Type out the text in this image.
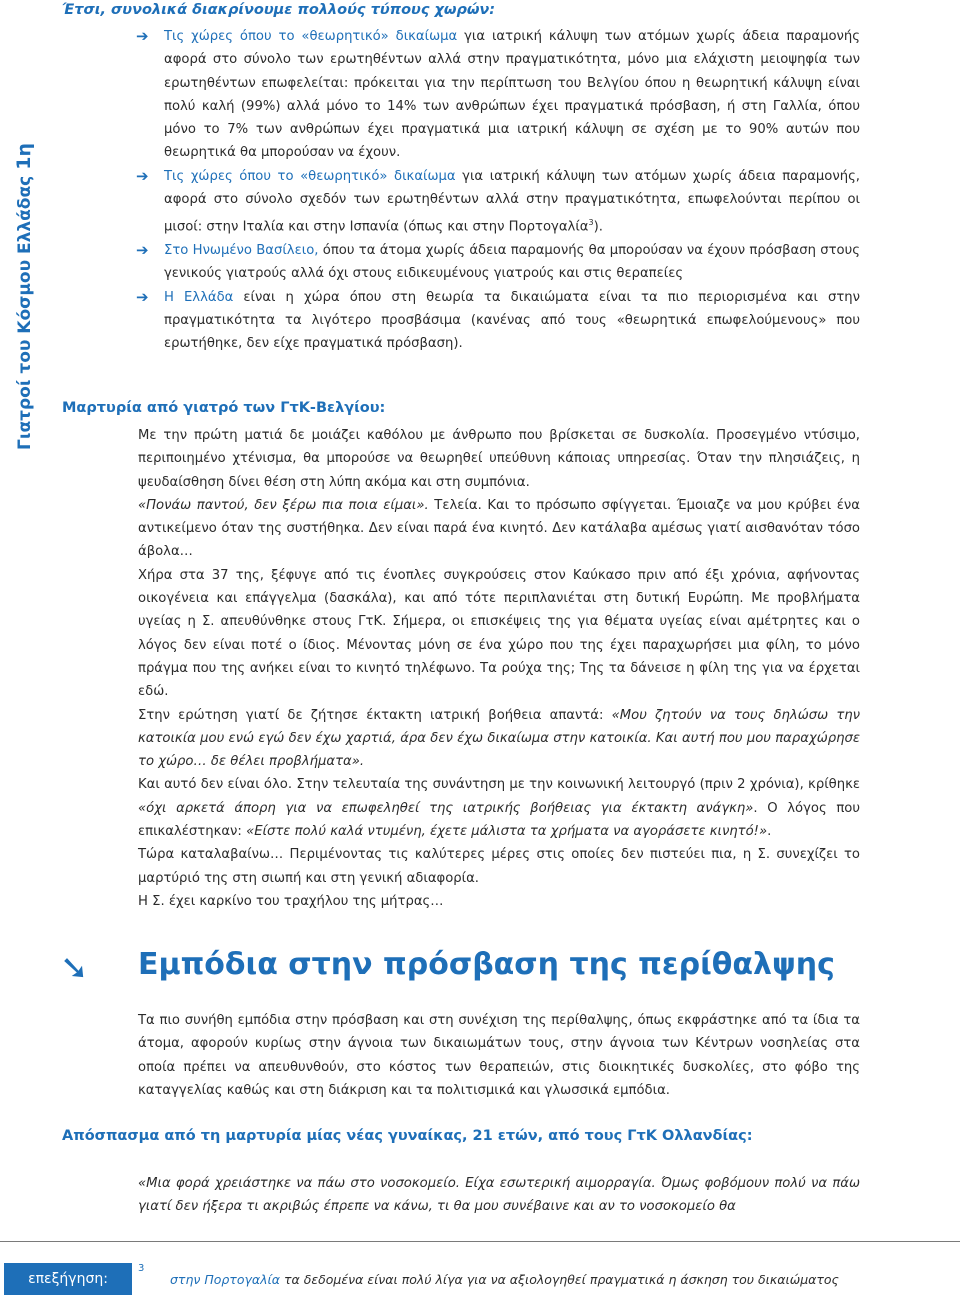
Γιατροί του Κόσμου Ελλάδας1η
Έτσι, συνολικά διακρίνουμε πολλούς τύπους χωρών:
➔ Τις χώρες όπου το «θεωρητικό» δικαίωμα για ιατρική κάλυψη των ατόμων χωρίς άδεια παραμονής αφορά στο σύνολο των ερωτηθέντων αλλά στην πραγματικότητα, μόνο μια ελάχιστη μειοψηφία των ερωτηθέντων επωφελείται: πρόκειται για την περίπτωση του Βελγίου όπου η θεωρητική κάλυψη είναι πολύ καλή (99%) αλλά μόνο το 14% των ανθρώπων έχει πραγματικά πρόσβαση, ή στη Γαλλία, όπου μόνο το 7% των ανθρώπων έχει πραγματικά μια ιατρική κάλυψη σε σχέση με το 90% αυτών που θεωρητικά θα μπορούσαν να έχουν.
➔ Τις χώρες όπου το «θεωρητικό» δικαίωμα για ιατρική κάλυψη των ατόμων χωρίς άδεια παραμονής, αφορά στο σύνολο σχεδόν των ερωτηθέντων αλλά στην πραγματικότητα, επωφελούνται περίπου οι μισοί: στην Ιταλία και στην Ισπανία (όπως και στην Πορτογαλία$^3$).
➔ Στο Ηνωμένο Βασίλειο, όπου τα άτομα χωρίς άδεια παραμονής θα μπορούσαν να έχουν πρόσβαση στους γενικούς γιατρούς αλλά όχι στους ειδικευμένους γιατρούς και στις θεραπείες
➔ Η Ελλάδα είναι η χώρα όπου στη θεωρία τα δικαιώματα είναι τα πιο περιορισμένα και στην πραγματικότητα τα λιγότερο προσβάσιμα (κανένας από τους «θεωρητικά επωφελούμενους» που ερωτήθηκε, δεν είχε πραγματικά πρόσβαση).
Μαρτυρία από γιατρό των ΓτΚ-Βελγίου:

Με την πρώτη ματιά δε μοιάζει καθόλου με άνθρωπο που βρίσκεται σε δυσκολία. Προσεγμένο ντύσιμο, περιποιημένο χτένισμα, θα μπορούσε να θεωρηθεί υπεύθυνη κάποιας υπηρεσίας. Όταν την πλησιάζεις, η ψευδαίσθηση δίνει θέση στη λύπη ακόμα και στη συμπόνια.

«Πονάω παντού, δεν ξέρω πια ποια είμαι». Τελεία. Και το πρόσωπο σφίγγεται. Έμοιαζε να μου κρύβει ένα αντικείμενο όταν της συστήθηκα. Δεν είναι παρά ένα κινητό. Δεν κατάλαβα αμέσως γιατί αισθανόταν τόσο άβολα…

Χήρα στα 37 της, ξέφυγε από τις ένοπλες συγκρούσεις στον Καύκασο πριν από έξι χρόνια, αφήνοντας οικογένεια και επάγγελμα (δασκάλα), και από τότε περιπλανιέται στη δυτική Ευρώπη. Με προβλήματα υγείας η Σ. απευθύνθηκε στους ΓτΚ. Σήμερα, οι επισκέψεις της για θέματα υγείας είναι αμέτρητες και ο λόγος δεν είναι ποτέ ο ίδιος. Μένοντας μόνη σε ένα χώρο που της έχει παραχωρήσει μια φίλη, το μόνο πράγμα που της ανήκει είναι το κινητό τηλέφωνο. Τα ρούχα της; Της τα δάνεισε η φίλη της για να έρχεται εδώ.

Στην ερώτηση γιατί δε ζήτησε έκτακτη ιατρική βοήθεια απαντά: «Μου ζητούν να τους δηλώσω την κατοικία μου ενώ εγώ δεν έχω χαρτιά, άρα δεν έχω δικαίωμα στην κατοικία. Και αυτή που μου παραχώρησε το χώρο… δε θέλει προβλήματα».

Και αυτό δεν είναι όλο. Στην τελευταία της συνάντηση με την κοινωνική λειτουργό (πριν 2 χρόνια), κρίθηκε «όχι αρκετά άπορη για να επωφεληθεί της ιατρικής βοήθειας για έκτακτη ανάγκη». Ο λόγος που επικαλέστηκαν: «Είστε πολύ καλά ντυμένη, έχετε μάλιστα τα χρήματα να αγοράσετε κινητό!».

Τώρα καταλαβαίνω… Περιμένοντας τις καλύτερες μέρες στις οποίες δεν πιστεύει πια, η Σ. συνεχίζει το μαρτύριό της στη σιωπή και στη γενική αδιαφορία.

Η Σ. έχει καρκίνο του τραχήλου της μήτρας…

➘ Εμπόδια στην πρόσβαση της περίθαλψης
Τα πιο συνήθη εμπόδια στην πρόσβαση και στη συνέχιση της περίθαλψης, όπως εκφράστηκε από τα ίδια τα άτομα, αφορούν κυρίως στην άγνοια των δικαιωμάτων τους, στην άγνοια των Κέντρων νοσηλείας στα οποία πρέπει να απευθυνθούν, στο κόστος των θεραπειών, στις διοικητικές δυσκολίες, στο φόβο της καταγγελίας καθώς και στη διάκριση και τα πολιτισμικά και γλωσσικά εμπόδια.
Απόσπασμα από τη μαρτυρία μίας νέας γυναίκας, 21 ετών, από τους ΓτΚ Ολλανδίας:
«Μια φορά χρειάστηκε να πάω στο νοσοκομείο. Είχα εσωτερική αιμορραγία. Όμως φοβόμουν πολύ να πάω γιατί δεν ήξερα τι ακριβώς έπρεπε να κάνω, τι θα μου συνέβαινε και αν το νοσοκομείο θα
επεξήγηση:
3
στην Πορτογαλία τα δεδομένα είναι πολύ λίγα για να αξιολογηθεί πραγματικά η άσκηση του δικαιώματος
